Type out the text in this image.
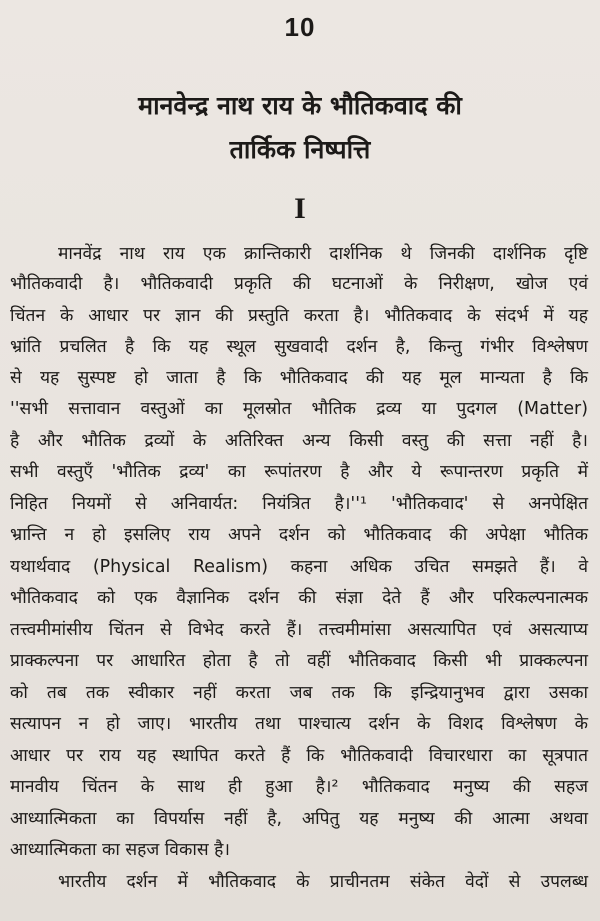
10
मानवेन्द्र नाथ राय के भौतिकवाद की
तार्किक निष्पत्ति
I
मानवेंद्र नाथ राय एक क्रान्तिकारी दार्शनिक थे जिनकी दार्शनिक दृष्टि
भौतिकवादी है। भौतिकवादी प्रकृति की घटनाओं के निरीक्षण, खोज एवं
चिंतन के आधार पर ज्ञान की प्रस्तुति करता है। भौतिकवाद के संदर्भ में यह
भ्रांति प्रचलित है कि यह स्थूल सुखवादी दर्शन है, किन्तु गंभीर विश्लेषण
से यह सुस्पष्ट हो जाता है कि भौतिकवाद की यह मूल मान्यता है कि
''सभी सत्तावान वस्तुओं का मूलस्रोत भौतिक द्रव्य या पुदगल (Matter)
है और भौतिक द्रव्यों के अतिरिक्त अन्य किसी वस्तु की सत्ता नहीं है।
सभी वस्तुएँ 'भौतिक द्रव्य' का रूपांतरण है और ये रूपान्तरण प्रकृति में
निहित नियमों से अनिवार्यत: नियंत्रित है।''¹ 'भौतिकवाद' से अनपेक्षित
भ्रान्ति न हो इसलिए राय अपने दर्शन को भौतिकवाद की अपेक्षा भौतिक
यथार्थवाद (Physical Realism) कहना अधिक उचित समझते हैं। वे
भौतिकवाद को एक वैज्ञानिक दर्शन की संज्ञा देते हैं और परिकल्पनात्मक
तत्त्वमीमांसीय चिंतन से विभेद करते हैं। तत्त्वमीमांसा असत्यापित एवं असत्याप्य
प्राक्कल्पना पर आधारित होता है तो वहीं भौतिकवाद किसी भी प्राक्कल्पना
को तब तक स्वीकार नहीं करता जब तक कि इन्द्रियानुभव द्वारा उसका
सत्यापन न हो जाए। भारतीय तथा पाश्चात्य दर्शन के विशद विश्लेषण के
आधार पर राय यह स्थापित करते हैं कि भौतिकवादी विचारधारा का सूत्रपात
मानवीय चिंतन के साथ ही हुआ है।² भौतिकवाद मनुष्य की सहज
आध्यात्मिकता का विपर्यास नहीं है, अपितु यह मनुष्य की आत्मा अथवा
आध्यात्मिकता का सहज विकास है।
भारतीय दर्शन में भौतिकवाद के प्राचीनतम संकेत वेदों से उपलब्ध
